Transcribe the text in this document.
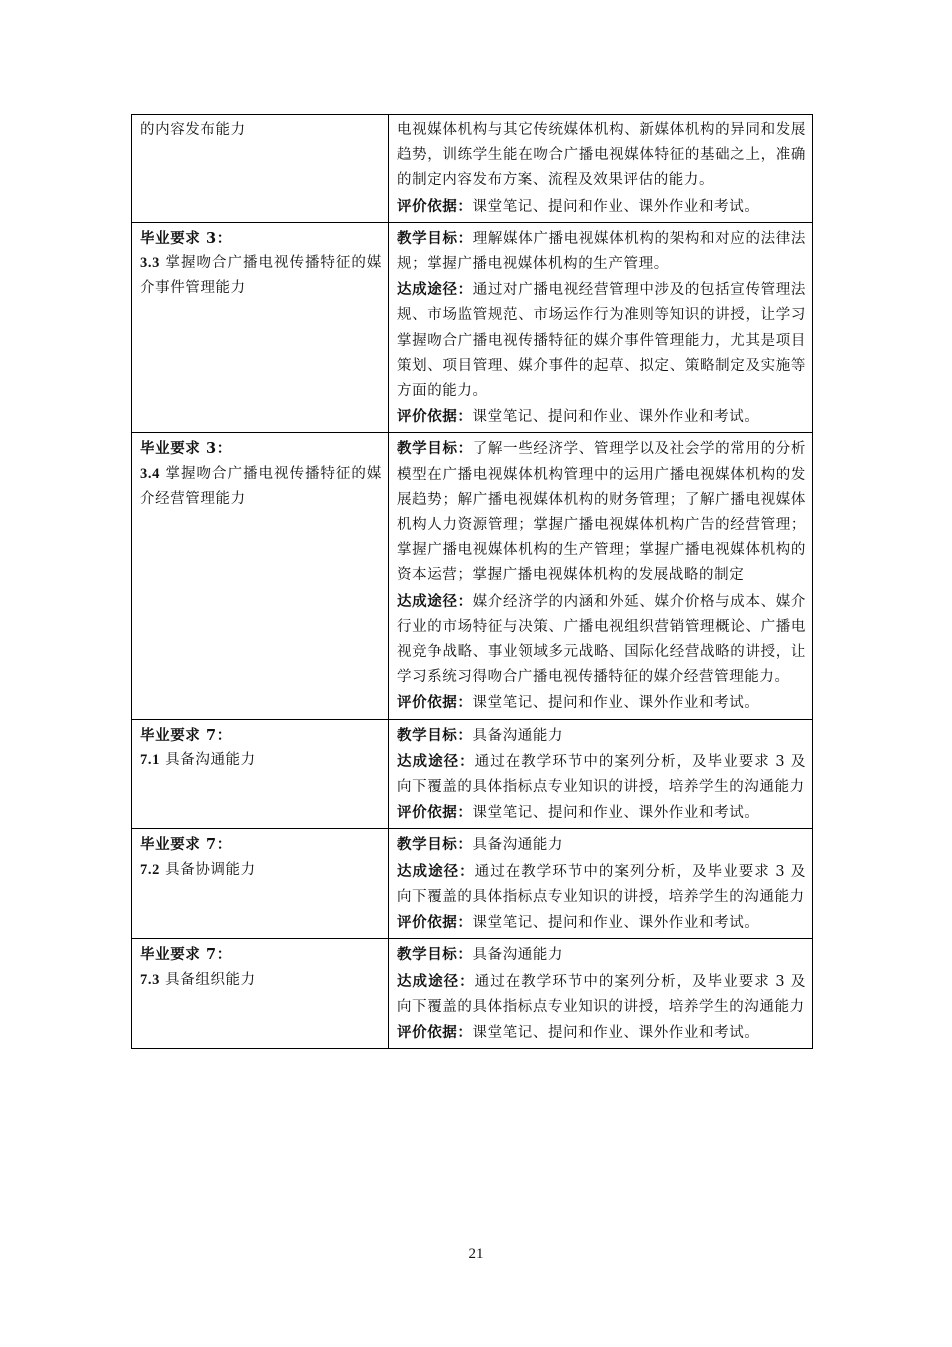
的内容发布能力	电视媒体机构与其它传统媒体机构、新媒体机构的异同和发展趋势，训练学生能在吻合广播电视媒体特征的基础之上，准确的制定内容发布方案、流程及效果评估的能力。
评价依据：课堂笔记、提问和作业、课外作业和考试。

毕业要求 3：
3.3 掌握吻合广播电视传播特征的媒介事件管理能力	教学目标：理解媒体广播电视媒体机构的架构和对应的法律法规；掌握广播电视媒体机构的生产管理。
达成途径：通过对广播电视经营管理中涉及的包括宣传管理法规、市场监管规范、市场运作行为准则等知识的讲授，让学习掌握吻合广播电视传播特征的媒介事件管理能力，尤其是项目策划、项目管理、媒介事件的起草、拟定、策略制定及实施等方面的能力。
评价依据：课堂笔记、提问和作业、课外作业和考试。

毕业要求 3：
3.4 掌握吻合广播电视传播特征的媒介经营管理能力	教学目标：了解一些经济学、管理学以及社会学的常用的分析模型在广播电视媒体机构管理中的运用广播电视媒体机构的发展趋势；解广播电视媒体机构的财务管理；了解广播电视媒体机构人力资源管理；掌握广播电视媒体机构广告的经营管理；掌握广播电视媒体机构的生产管理；掌握广播电视媒体机构的资本运营；掌握广播电视媒体机构的发展战略的制定
达成途径：媒介经济学的内涵和外延、媒介价格与成本、媒介行业的市场特征与决策、广播电视组织营销管理概论、广播电视竞争战略、事业领域多元战略、国际化经营战略的讲授，让学习系统习得吻合广播电视传播特征的媒介经营管理能力。
评价依据：课堂笔记、提问和作业、课外作业和考试。

毕业要求 7：
7.1 具备沟通能力	教学目标：具备沟通能力
达成途径：通过在教学环节中的案列分析，及毕业要求 3 及向下覆盖的具体指标点专业知识的讲授，培养学生的沟通能力
评价依据：课堂笔记、提问和作业、课外作业和考试。

毕业要求 7：
7.2 具备协调能力	教学目标：具备沟通能力
达成途径：通过在教学环节中的案列分析，及毕业要求 3 及向下覆盖的具体指标点专业知识的讲授，培养学生的沟通能力
评价依据：课堂笔记、提问和作业、课外作业和考试。

毕业要求 7：
7.3 具备组织能力	教学目标：具备沟通能力
达成途径：通过在教学环节中的案列分析，及毕业要求 3 及向下覆盖的具体指标点专业知识的讲授，培养学生的沟通能力
评价依据：课堂笔记、提问和作业、课外作业和考试。
21
